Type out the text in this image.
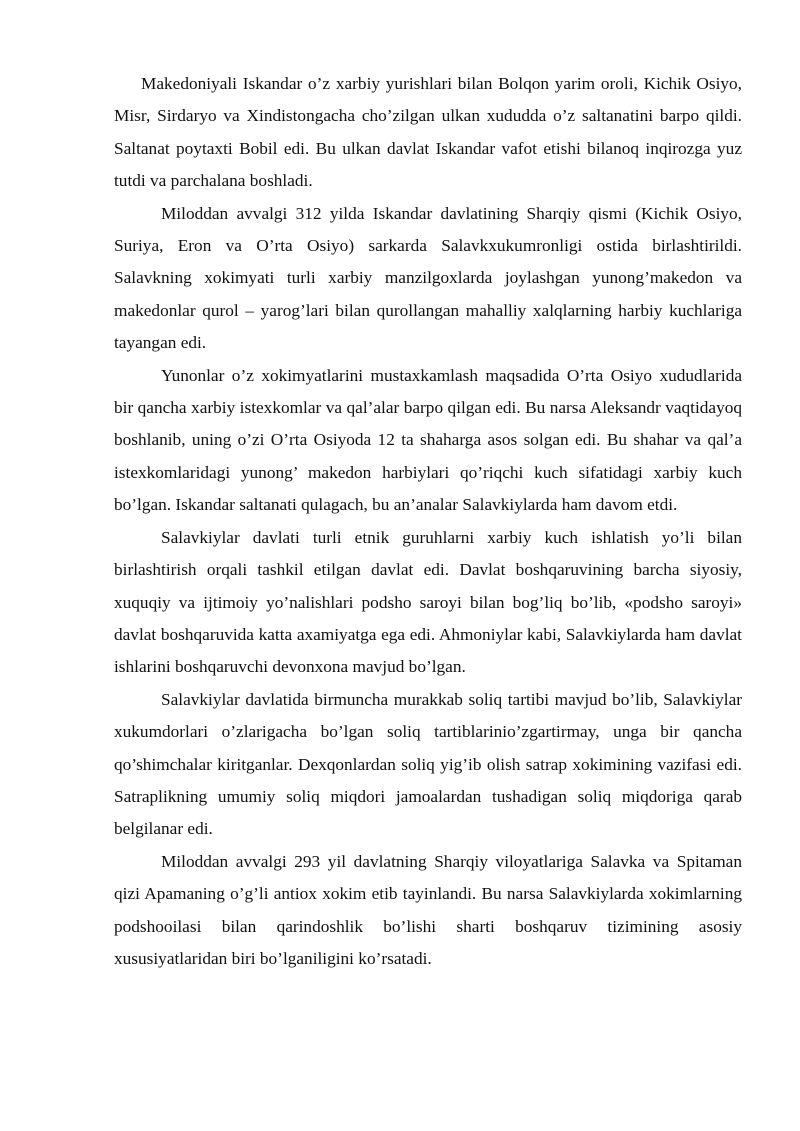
Makedoniyali Iskandar o’z xarbiy yurishlari bilan Bolqon yarim oroli, Kichik Osiyo, Misr, Sirdaryo va Xindistongacha cho’zilgan ulkan xududda o’z saltanatini barpo qildi. Saltanat poytaxti Bobil edi. Bu ulkan davlat Iskandar vafot etishi bilanoq inqirozga yuz tutdi va parchalana boshladi.

Miloddan avvalgi 312 yilda Iskandar davlatining Sharqiy qismi (Kichik Osiyo, Suriya, Eron va O’rta Osiyo) sarkarda Salavkxukumronligi ostida birlashtirildi. Salavkning xokimyati turli xarbiy manzilgoxlarda joylashgan yunong’makedon va makedonlar qurol – yarog’lari bilan qurollangan mahalliy xalqlarning harbiy kuchlariga tayangan edi.

Yunonlar o’z xokimyatlarini mustaxkamlash maqsadida O’rta Osiyo xududlarida bir qancha xarbiy istexkomlar va qal’alar barpo qilgan edi. Bu narsa Aleksandr vaqtidayoq boshlanib, uning o’zi O’rta Osiyoda 12 ta shaharga asos solgan edi. Bu shahar va qal’a istexkomlaridagi yunong’ makedon harbiylari qo’riqchi kuch sifatidagi xarbiy kuch bo’lgan. Iskandar saltanati qulagach, bu an’analar Salavkiylarda ham davom etdi.

Salavkiylar davlati turli etnik guruhlarni xarbiy kuch ishlatish yo’li bilan birlashtirish orqali tashkil etilgan davlat edi. Davlat boshqaruvining barcha siyosiy, xuquqiy va ijtimoiy yo’nalishlari podsho saroyi bilan bog’liq bo’lib, «podsho saroyi» davlat boshqaruvida katta axamiyatga ega edi. Ahmoniylar kabi, Salavkiylarda ham davlat ishlarini boshqaruvchi devonxona mavjud bo’lgan.

Salavkiylar davlatida birmuncha murakkab soliq tartibi mavjud bo’lib, Salavkiylar xukumdorlari o’zlarigacha bo’lgan soliq tartiblarinio’zgartirmay, unga bir qancha qo’shimchalar kiritganlar. Dexqonlardan soliq yig’ib olish satrap xokimining vazifasi edi. Satraplikning umumiy soliq miqdori jamoalardan tushadigan soliq miqdoriga qarab belgilanar edi.

Miloddan avvalgi 293 yil davlatning Sharqiy viloyatlariga Salavka va Spitaman qizi Apamaning o’g’li antiox xokim etib tayinlandi. Bu narsa Salavkiylarda xokimlarning podshooilasi bilan qarindoshlik bo’lishi sharti boshqaruv tizimining asosiy xususiyatlaridan biri bo’lganiligini ko’rsatadi.
